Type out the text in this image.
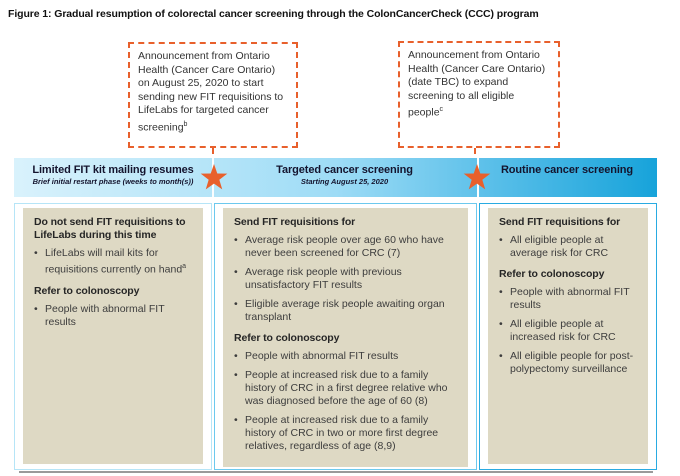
Figure 1: Gradual resumption of colorectal cancer screening through the ColonCancerCheck (CCC) program
Announcement from Ontario Health (Cancer Care Ontario) on August 25, 2020 to start sending new FIT requisitions to LifeLabs for targeted cancer screening$^b$
Announcement from Ontario Health (Cancer Care Ontario) (date TBC) to expand screening to all eligible people$^c$
Limited FIT kit mailing resumes
Brief initial restart phase (weeks to month(s))
Targeted cancer screening
Starting August 25, 2020
Routine cancer screening
Do not send FIT requisitions to LifeLabs during this time
• LifeLabs will mail kits for requisitions currently on hand$^a$
Refer to colonoscopy
• People with abnormal FIT results
Send FIT requisitions for
• Average risk people over age 60 who have never been screened for CRC (7)
• Average risk people with previous unsatisfactory FIT results
• Eligible average risk people awaiting organ transplant
Refer to colonoscopy
• People with abnormal FIT results
• People at increased risk due to a family history of CRC in a first degree relative who was diagnosed before the age of 60 (8)
• People at increased risk due to a family history of CRC in two or more first degree relatives, regardless of age (8,9)
Send FIT requisitions for
• All eligible people at average risk for CRC
Refer to colonoscopy
• People with abnormal FIT results
• All eligible people at increased risk for CRC
• All eligible people for post-polypectomy surveillance
